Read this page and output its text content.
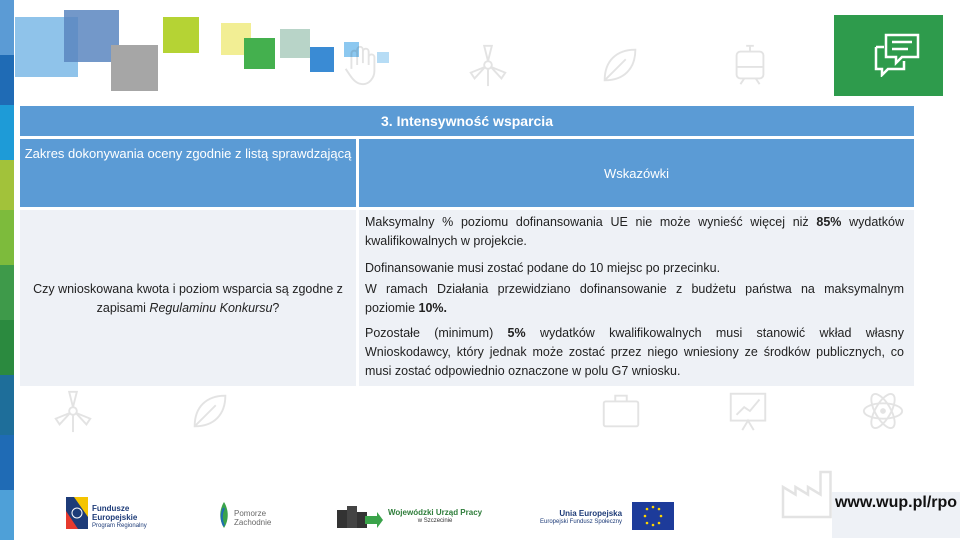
3. Intensywność wsparcia
Zakres dokonywania oceny zgodnie z listą sprawdzającą
Wskazówki
Czy wnioskowana kwota i poziom wsparcia są zgodne z zapisami Regulaminu Konkursu?

Maksymalny % poziomu dofinansowania UE nie może wynieść więcej niż 85% wydatków kwalifikowalnych w projekcie.

Dofinansowanie musi zostać podane do 10 miejsc po przecinku.

W ramach Działania przewidziano dofinansowanie z budżetu państwa na maksymalnym poziomie 10%.

Pozostałe (minimum) 5% wydatków kwalifikowalnych musi stanowić wkład własny Wnioskodawcy, który jednak może zostać przez niego wniesiony ze środków publicznych, co musi zostać odpowiednio oznaczone w polu G7 wniosku.

Fundusze
Europejskie
Program Regionalny
Pomorze
Zachodnie
Wojewódzki Urząd Pracy
w Szczecinie
Unia Europejska
Europejski Fundusz Społeczny
www.wup.pl/rpo
